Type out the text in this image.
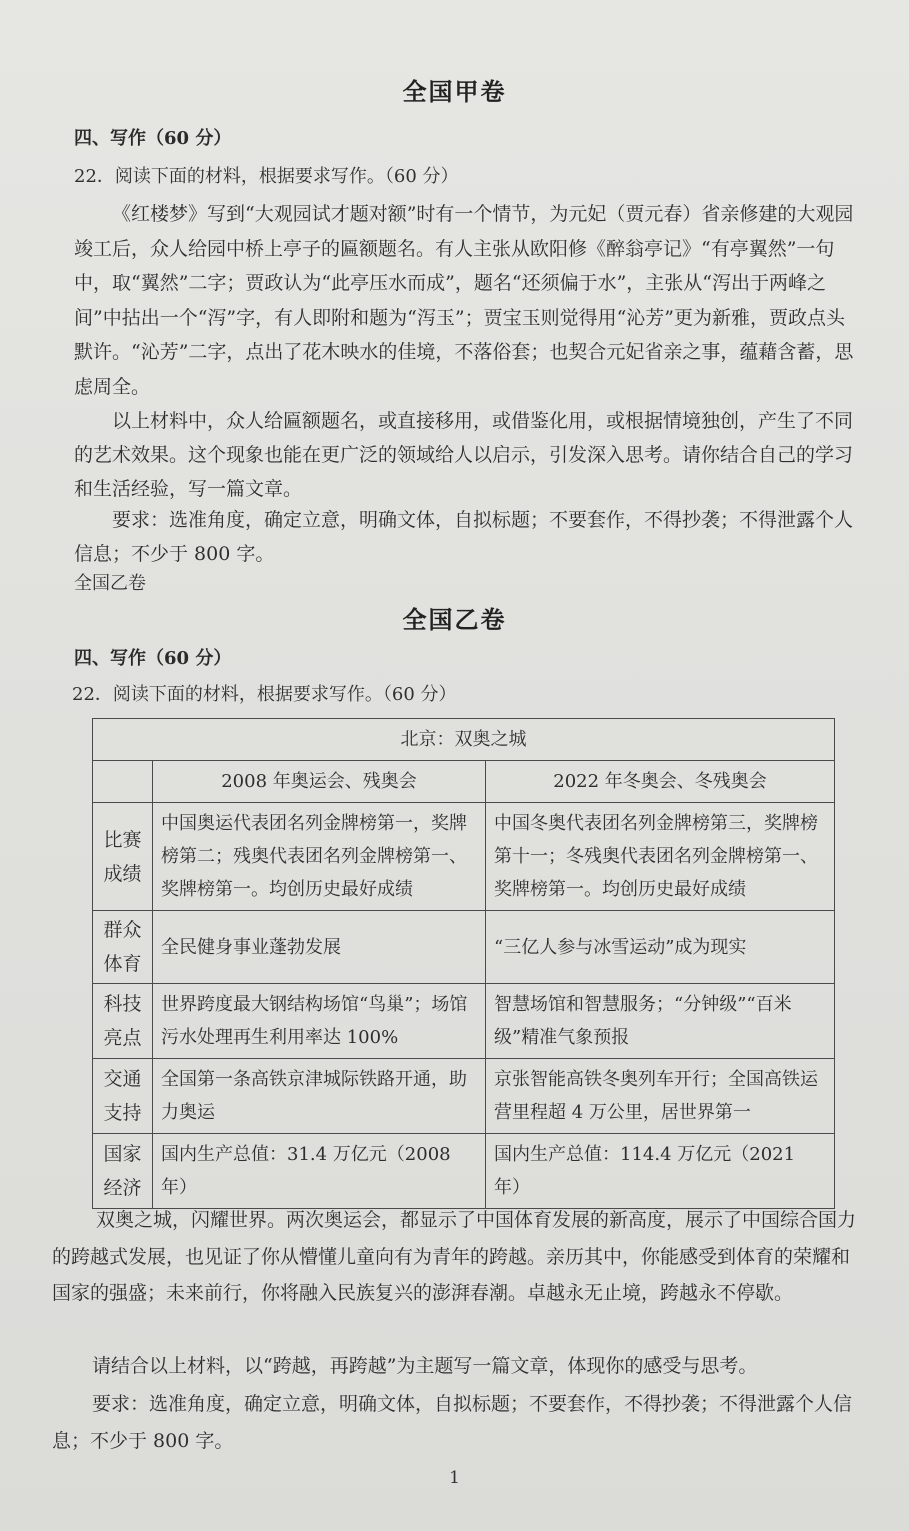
全国甲卷
四、写作（60 分）
22．阅读下面的材料，根据要求写作。（60 分）
《红楼梦》写到“大观园试才题对额”时有一个情节，为元妃（贾元春）省亲修建的大观园竣工后，众人给园中桥上亭子的匾额题名。有人主张从欧阳修《醉翁亭记》“有亭翼然”一句中，取“翼然”二字；贾政认为“此亭压水而成”，题名“还须偏于水”，主张从“泻出于两峰之间”中拈出一个“泻”字，有人即附和题为“泻玉”；贾宝玉则觉得用“沁芳”更为新雅，贾政点头默许。“沁芳”二字，点出了花木映水的佳境，不落俗套；也契合元妃省亲之事，蕴藉含蓄，思虑周全。
以上材料中，众人给匾额题名，或直接移用，或借鉴化用，或根据情境独创，产生了不同的艺术效果。这个现象也能在更广泛的领域给人以启示，引发深入思考。请你结合自己的学习和生活经验，写一篇文章。
要求：选准角度，确定立意，明确文体，自拟标题；不要套作，不得抄袭；不得泄露个人信息；不少于 800 字。
全国乙卷
全国乙卷
四、写作（60 分）
22．阅读下面的材料，根据要求写作。（60 分）
北京：双奥之城		
	2008 年奥运会、残奥会	2022 年冬奥会、冬残奥会
比赛成绩	中国奥运代表团名列金牌榜第一，奖牌榜第二；残奥代表团名列金牌榜第一、奖牌榜第一。均创历史最好成绩	中国冬奥代表团名列金牌榜第三，奖牌榜第十一；冬残奥代表团名列金牌榜第一、奖牌榜第一。均创历史最好成绩
群众体育	全民健身事业蓬勃发展	“三亿人参与冰雪运动”成为现实
科技亮点	世界跨度最大钢结构场馆“鸟巢”；场馆污水处理再生利用率达 100%	智慧场馆和智慧服务；“分钟级”“百米级”精准气象预报
交通支持	全国第一条高铁京津城际铁路开通，助力奥运	京张智能高铁冬奥列车开行；全国高铁运营里程超 4 万公里，居世界第一
国家经济	国内生产总值：31.4 万亿元（2008 年）	国内生产总值：114.4 万亿元（2021 年）
双奥之城，闪耀世界。两次奥运会，都显示了中国体育发展的新高度，展示了中国综合国力的跨越式发展，也见证了你从懵懂儿童向有为青年的跨越。亲历其中，你能感受到体育的荣耀和国家的强盛；未来前行，你将融入民族复兴的澎湃春潮。卓越永无止境，跨越永不停歇。
请结合以上材料，以“跨越，再跨越”为主题写一篇文章，体现你的感受与思考。
要求：选准角度，确定立意，明确文体，自拟标题；不要套作，不得抄袭；不得泄露个人信息；不少于 800 字。
1
